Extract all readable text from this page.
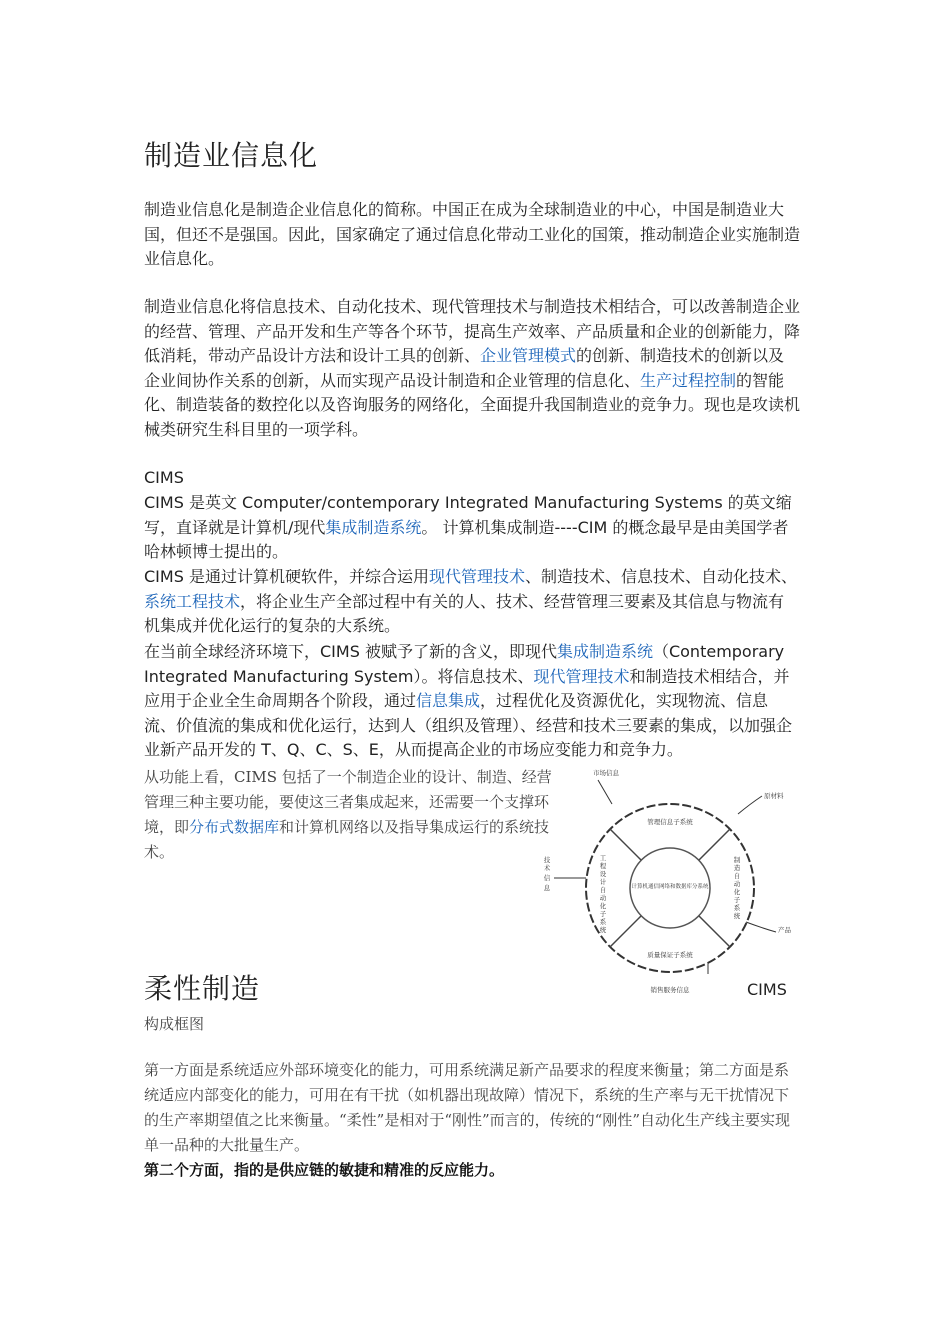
制造业信息化
制造业信息化是制造企业信息化的简称。中国正在成为全球制造业的中心，中国是制造业大国，但还不是强国。因此，国家确定了通过信息化带动工业化的国策，推动制造企业实施制造业信息化。
制造业信息化将信息技术、自动化技术、现代管理技术与制造技术相结合，可以改善制造企业的经营、管理、产品开发和生产等各个环节，提高生产效率、产品质量和企业的创新能力，降低消耗，带动产品设计方法和设计工具的创新、企业管理模式的创新、制造技术的创新以及企业间协作关系的创新，从而实现产品设计制造和企业管理的信息化、生产过程控制的智能化、制造装备的数控化以及咨询服务的网络化，全面提升我国制造业的竞争力。现也是攻读机械类研究生科目里的一项学科。
CIMS
CIMS 是英文 Computer/contemporary Integrated Manufacturing Systems 的英文缩写，直译就是计算机/现代集成制造系统。 计算机集成制造----CIM 的概念最早是由美国学者哈林顿博士提出的。
CIMS 是通过计算机硬软件，并综合运用现代管理技术、制造技术、信息技术、自动化技术、系统工程技术，将企业生产全部过程中有关的人、技术、经营管理三要素及其信息与物流有机集成并优化运行的复杂的大系统。
在当前全球经济环境下，CIMS 被赋予了新的含义，即现代集成制造系统（Contemporary Integrated Manufacturing System）。将信息技术、现代管理技术和制造技术相结合，并应用于企业全生命周期各个阶段，通过信息集成，过程优化及资源优化，实现物流、信息流、价值流的集成和优化运行，达到人（组织及管理）、经营和技术三要素的集成，以加强企业新产品开发的 T、Q、C、S、E，从而提高企业的市场应变能力和竞争力。
从功能上看，CIMS 包括了一个制造企业的设计、制造、经营管理三种主要功能，要使这三者集成起来，还需要一个支撑环境，即分布式数据库和计算机网络以及指导集成运行的系统技术。
柔性制造
构成框图
第一方面是系统适应外部环境变化的能力，可用系统满足新产品要求的程度来衡量；第二方面是系统适应内部变化的能力，可用在有干扰（如机器出现故障）情况下，系统的生产率与无干扰情况下的生产率期望值之比来衡量。“柔性”是相对于“刚性”而言的，传统的“刚性”自动化生产线主要实现单一品种的大批量生产。
第二个方面，指的是供应链的敏捷和精准的反应能力。
CIMS
管理信息子系统
质量保证子系统
计算机通信网络和数据库分系统
工
程
设
计
自
动
化
子
系
统
制
造
自
动
化
子
系
统
市场信息
原材料
技
术
信
息
产品
销售服务信息
